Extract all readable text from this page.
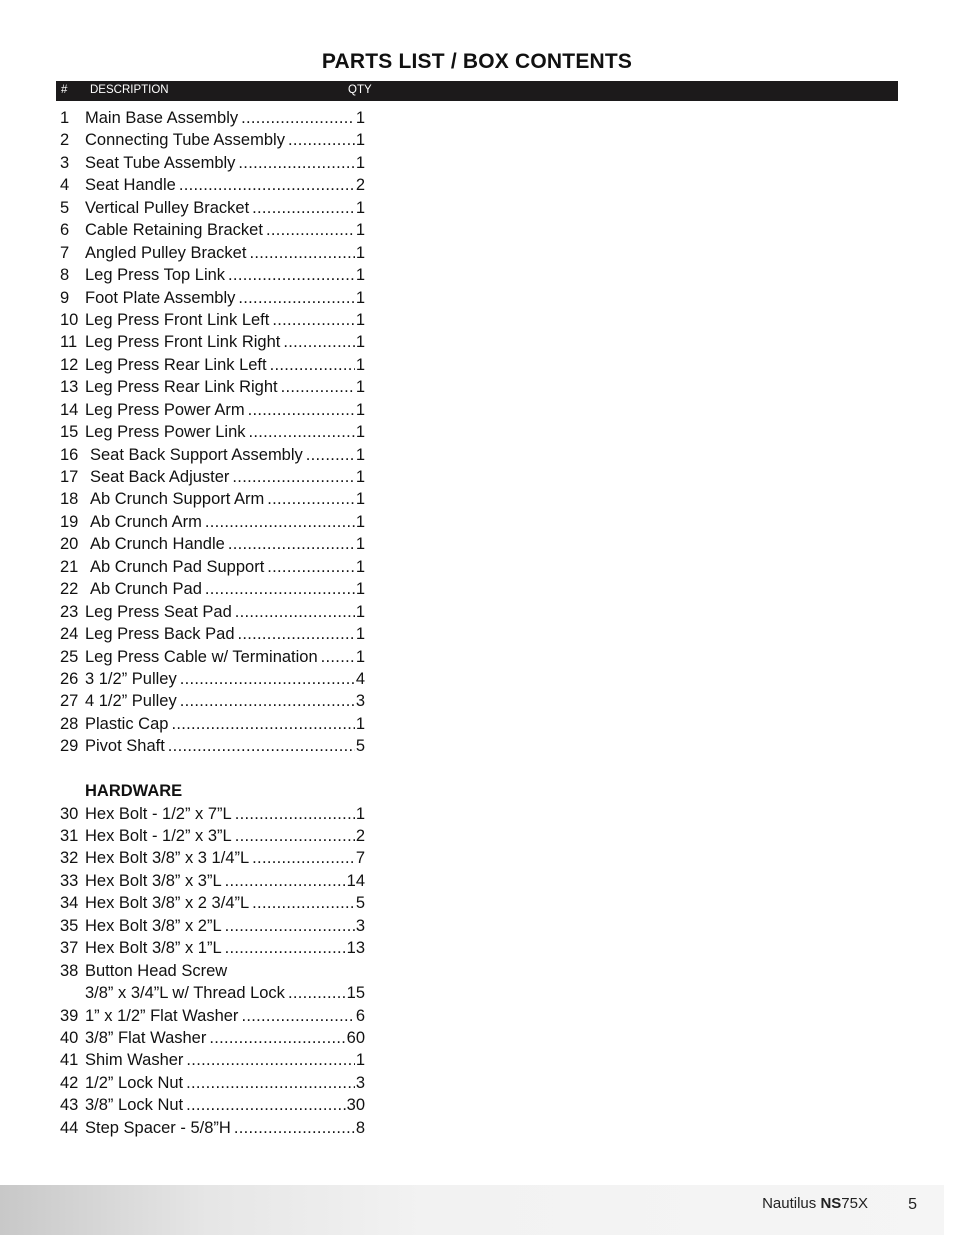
PARTS LIST / BOX CONTENTS
# DESCRIPTION	QTY
1 Main Base Assembly .....	1
2 Connecting Tube Assembly .....	1
3 Seat Tube Assembly .....	1
4 Seat Handle .....	2
5 Vertical Pulley Bracket .....	1
6 Cable Retaining Bracket .....	1
7 Angled Pulley Bracket .....	1
8 Leg Press Top Link .....	1
9 Foot Plate Assembly .....	1
10 Leg Press Front Link Left .....	1
11 Leg Press Front Link Right .....	1
12 Leg Press Rear Link Left .....	1
13 Leg Press Rear Link Right .....	1
14 Leg Press Power Arm .....	1
15 Leg Press Power Link .....	1
16 Seat Back Support Assembly .....	1
17 Seat Back Adjuster .....	1
18 Ab Crunch Support Arm .....	1
19 Ab Crunch Arm .....	1
20 Ab Crunch Handle .....	1
21 Ab Crunch Pad Support .....	1
22 Ab Crunch Pad .....	1
23 Leg Press Seat Pad .....	1
24 Leg Press Back Pad .....	1
25 Leg Press Cable w/ Termination ..... 1
26 3 1/2” Pulley .....	4
27 4 1/2” Pulley .....	3
28 Plastic Cap .....	1
29 Pivot Shaft .....	5
HARDWARE
30 Hex Bolt - 1/2” x 7”L .....	1
31 Hex Bolt - 1/2” x 3”L .....	2
32 Hex Bolt 3/8” x 3 1/4”L .....	7
33 Hex Bolt 3/8” x 3”L .....	14
34 Hex Bolt 3/8” x 2 3/4”L .....	5
35 Hex Bolt 3/8” x 2”L .....	3
37 Hex Bolt 3/8” x 1”L .....	13
38 Button Head Screw
3/8” x 3/4”L w/ Thread Lock .....	15
39 1” x 1/2” Flat Washer .....	6
40 3/8” Flat Washer .....	60
41 Shim Washer .....	1
42 1/2” Lock Nut .....	3
43 3/8” Lock Nut .....	30
44 Step Spacer - 5/8”H .....	8
Nautilus NS75X	5
